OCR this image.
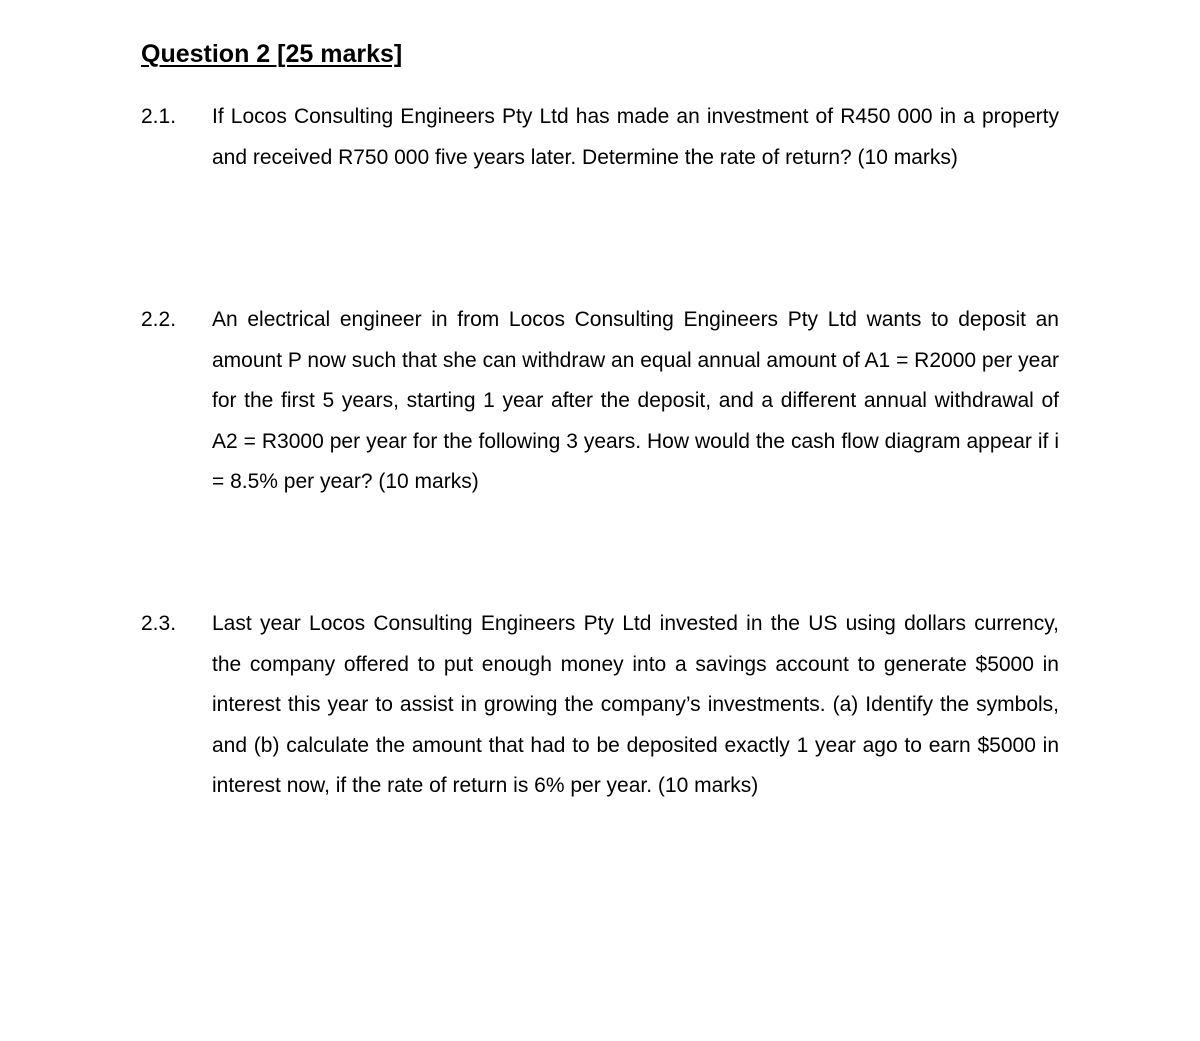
Question 2 [25 marks]
2.1. If Locos Consulting Engineers Pty Ltd has made an investment of R450 000 in a property and received R750 000 five years later. Determine the rate of return? (10 marks)
2.2. An electrical engineer in from Locos Consulting Engineers Pty Ltd wants to deposit an amount P now such that she can withdraw an equal annual amount of A1 = R2000 per year for the first 5 years, starting 1 year after the deposit, and a different annual withdrawal of A2 = R3000 per year for the following 3 years. How would the cash flow diagram appear if i = 8.5% per year? (10 marks)
2.3. Last year Locos Consulting Engineers Pty Ltd invested in the US using dollars currency, the company offered to put enough money into a savings account to generate $5000 in interest this year to assist in growing the company’s investments. (a) Identify the symbols, and (b) calculate the amount that had to be deposited exactly 1 year ago to earn $5000 in interest now, if the rate of return is 6% per year. (10 marks)
